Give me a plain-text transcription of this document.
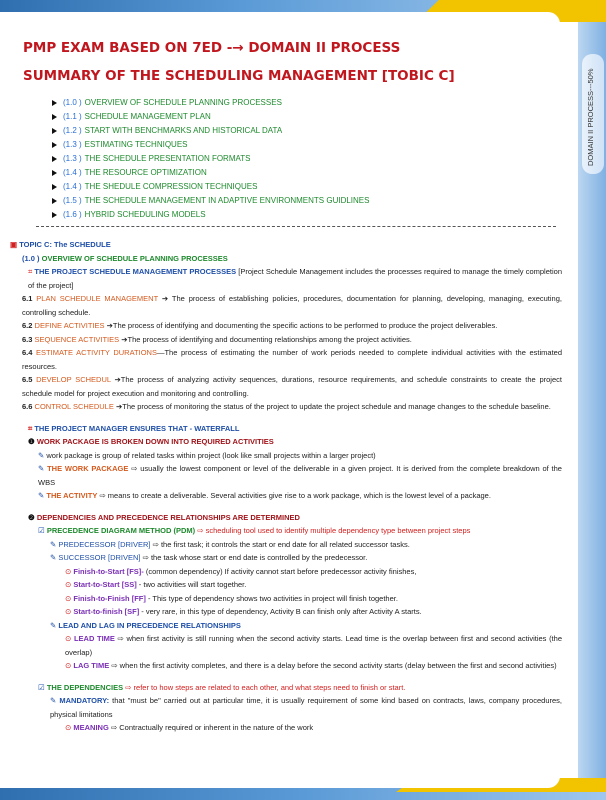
DOMAIN II PROCESS---50%
PMP EXAM BASED ON 7ED -→ DOMAIN II PROCESS
SUMMARY OF THE SCHEDULING MANAGEMENT [TOBIC C]
(1.0 ) OVERVIEW OF SCHEDULE PLANNING PROCESSES
(1.1 ) SCHEDULE MANAGEMENT PLAN
(1.2 ) START WITH BENCHMARKS AND HISTORICAL DATA
(1.3 ) ESTIMATING TECHNIQUES
(1.3 ) THE SCHEDULE PRESENTATION FORMATS
(1.4 ) THE RESOURCE OPTIMIZATION
(1.4 ) THE SHEDULE COMPRESSION TECHNIQUES
(1.5 ) THE SCHEDULE MANAGEMENT IN ADAPTIVE ENVIRONMENTS GUIDLINES
(1.6 ) HYBRID SCHEDULING MODELS
▣ TOPIC C: The SCHEDULE
(1.0 ) OVERVIEW OF SCHEDULE PLANNING PROCESSES
⌗ THE PROJECT SCHEDULE MANAGEMENT PROCESSES [Project Schedule Management includes the processes required to manage the timely completion of the project]
6.1 PLAN SCHEDULE MANAGEMENT ➔ The process of establishing policies, procedures, documentation for planning, developing, managing, executing, controlling schedule.
6.2 DEFINE ACTIVITIES ➔The process of identifying and documenting the specific actions to be performed to produce the project deliverables.
6.3 SEQUENCE ACTIVITIES ➔The process of identifying and documenting relationships among the project activities.
6.4 ESTIMATE ACTIVITY DURATIONS—The process of estimating the number of work periods needed to complete individual activities with the estimated resources.
6.5 DEVELOP SCHEDUL ➔The process of analyzing activity sequences, durations, resource requirements, and schedule constraints to create the project schedule model for project execution and monitoring and controlling.
6.6 CONTROL SCHEDULE ➔The process of monitoring the status of the project to update the project schedule and manage changes to the schedule baseline.
⌗ THE PROJECT MANAGER ENSURES THAT - WATERFALL
❶ WORK PACKAGE IS BROKEN DOWN INTO REQUIRED ACTIVITIES
✎ work package is group of related tasks within project (look like small projects within a larger project)
✎ THE WORK PACKAGE ⇨ usually the lowest component or level of the deliverable in a given project. It is derived from the complete breakdown of the WBS
✎ THE ACTIVITY ⇨ means to create a deliverable. Several activities give rise to a work package, which is the lowest level of a package.
❷ DEPENDENCIES AND PRECEDENCE RELATIONSHIPS ARE DETERMINED
☑ PRECEDENCE DIAGRAM METHOD (PDM) ⇨ scheduling tool used to identify multiple dependency type between project steps
✎ PREDECESSOR [DRIVER] ⇨ the first task; it controls the start or end date for all related successor tasks.
✎ SUCCESSOR [DRIVEN] ⇨ the task whose start or end date is controlled by the predecessor.
⊙ Finish-to-Start [FS]- (common dependency) If activity cannot start before predecessor activity finishes,
⊙ Start-to-Start [SS] - two activities will start together.
⊙ Finish-to-Finish [FF] - This type of dependency shows two activities in project will finish together.
⊙ Start-to-finish [SF] - very rare, in this type of dependency, Activity B can finish only after Activity A starts.
✎ LEAD AND LAG IN PRECEDENCE RELATIONSHIPS
⊙ LEAD TIME ⇨ when first activity is still running when the second activity starts. Lead time is the overlap between first and second activities (the overlap)
⊙ LAG TIME ⇨ when the first activity completes, and there is a delay before the second activity starts (delay between the first and second activities)
☑ THE DEPENDENCIES ⇨ refer to how steps are related to each other, and what steps need to finish or start.
✎ MANDATORY: that "must be" carried out at particular time, it is usually requirement of some kind based on contracts, laws, company procedures, physical limitations
⊙ MEANING ⇨ Contractually required or inherent in the nature of the work
